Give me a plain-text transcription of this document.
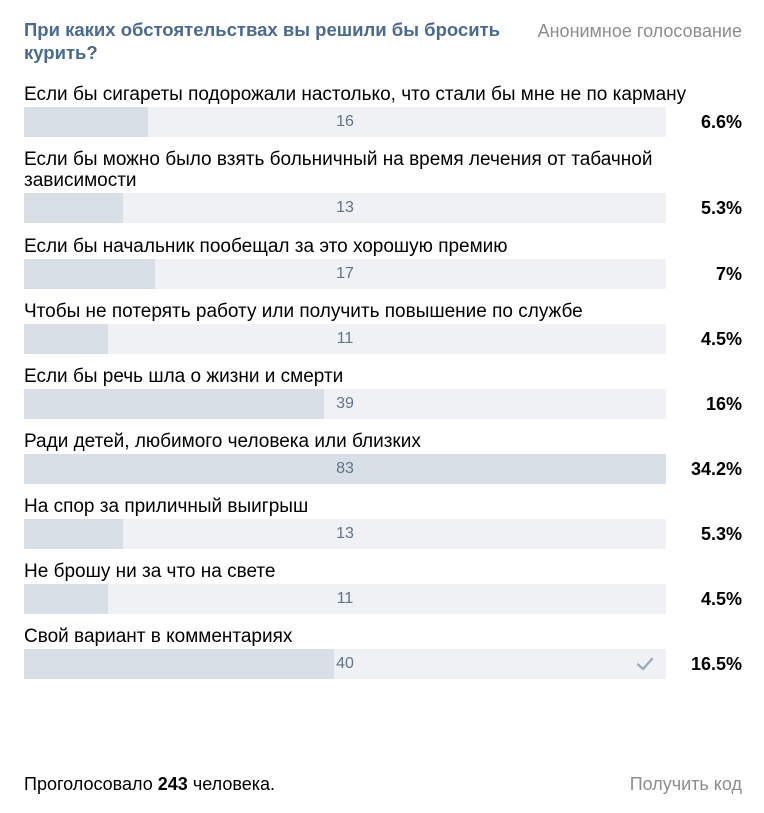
При каких обстоятельствах вы решили бы бросить курить?
Анонимное голосование
Если бы сигареты подорожали настолько, что стали бы мне не по карману
16	6.6%
Если бы можно было взять больничный на время лечения от табачной зависимости
13	5.3%
Если бы начальник пообещал за это хорошую премию
17	7%
Чтобы не потерять работу или получить повышение по службе
11	4.5%
Если бы речь шла о жизни и смерти
39	16%
Ради детей, любимого человека или близких
83	34.2%
На спор за приличный выигрыш
13	5.3%
Не брошу ни за что на свете
11	4.5%
Свой вариант в комментариях
40	16.5%
Проголосовало 243 человека.	Получить код
